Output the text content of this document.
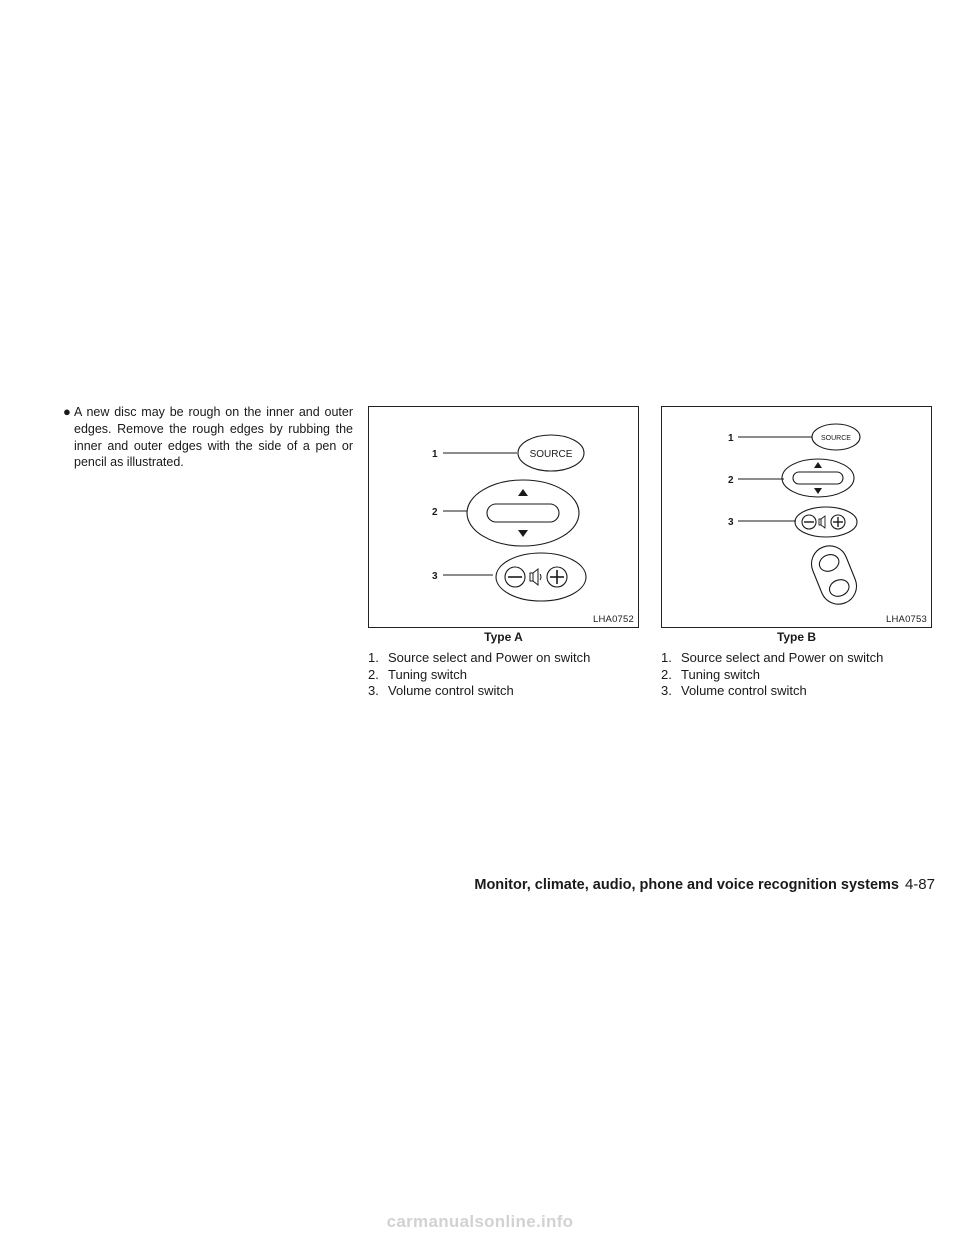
● A new disc may be rough on the inner and outer edges. Remove the rough edges by rubbing the inner and outer edges with the side of a pen or pencil as illustrated.
1
2
3
SOURCE
LHA0752
Type A
1. Source select and Power on switch
2. Tuning switch
3. Volume control switch
1
2
3
SOURCE
LHA0753
Type B
1. Source select and Power on switch
2. Tuning switch
3. Volume control switch
Monitor, climate, audio, phone and voice recognition systems 4-87
carmanualsonline.info
